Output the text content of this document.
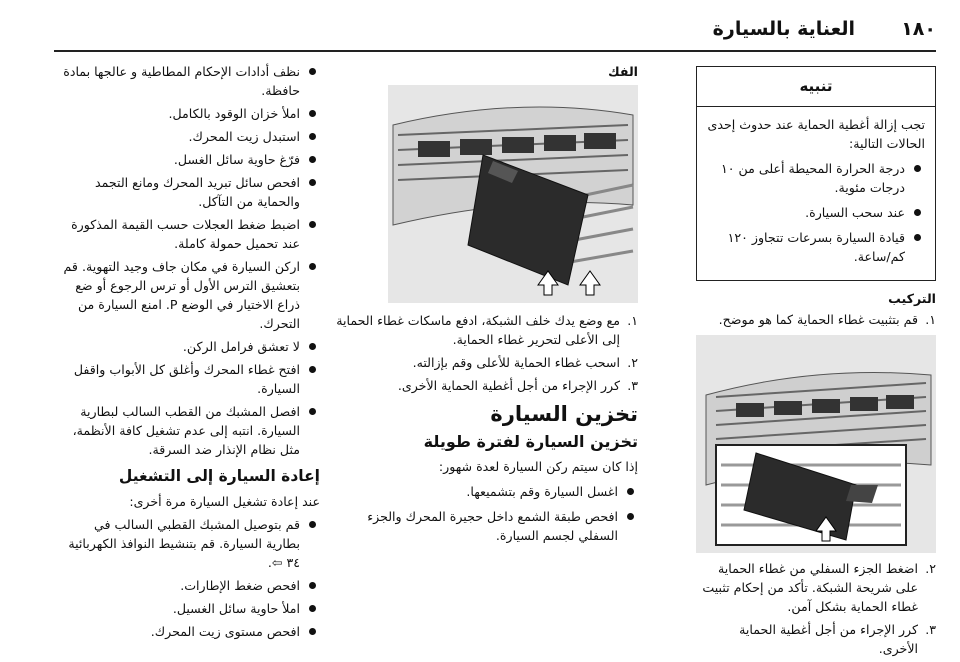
العناية بالسيارة ١٨٠
تنبيه

تجب إزالة أغطية الحماية عند حدوث إحدى الحالات التالية:

درجة الحرارة المحيطة أعلى من ١٠ درجات مئوية.
عند سحب السيارة.
قيادة السيارة بسرعات تتجاوز ١٢٠ كم/ساعة.
التركيب
١.
قم بتثبيت غطاء الحماية كما هو موضح.
٢.
اضغط الجزء السفلي من غطاء الحماية على شريحة الشبكة. تأكد من إحكام تثبيت غطاء الحماية بشكل آمن.
٣.
كرر الإجراء من أجل أغطية الحماية الأخرى.
الفك
١.
مع وضع يدك خلف الشبكة، ادفع ماسكات غطاء الحماية إلى الأعلى لتحرير غطاء الحماية.
٢.
اسحب غطاء الحماية للأعلى وقم بإزالته.
٣.
كرر الإجراء من أجل أغطية الحماية الأخرى.
تخزين السيارة
تخزين السيارة لفترة طويلة

إذا كان سيتم ركن السيارة لعدة شهور:

اغسل السيارة وقم بتشميعها.
افحص طبقة الشمع داخل حجيرة المحرك والجزء السفلي لجسم السيارة.
نظف أدادات الإحكام المطاطية و عالجها بمادة حافظة.
املأ خزان الوقود بالكامل.
استبدل زيت المحرك.
فرّغ حاوية سائل الغسل.
افحص سائل تبريد المحرك ومانع التجمد والحماية من التآكل.
اضبط ضغط العجلات حسب القيمة المذكورة عند تحميل حمولة كاملة.
اركن السيارة في مكان جاف وجيد التهوية. قم بتعشيق الترس الأول أو ترس الرجوع أو ضع ذراع الاختيار في الوضع P. امنع السيارة من التحرك.
لا تعشق فرامل الركن.
افتح غطاء المحرك وأغلق كل الأبواب واقفل السيارة.
افصل المشبك من القطب السالب لبطارية السيارة. انتبه إلى عدم تشغيل كافة الأنظمة، مثل نظام الإنذار ضد السرقة.
إعادة السيارة إلى التشغيل

عند إعادة تشغيل السيارة مرة أخرى:

قم بتوصيل المشبك القطبي السالب في بطارية السيارة. قم بتنشيط النوافذ الكهربائية ٣٤ ⇦.
افحص ضغط الإطارات.
املأ حاوية سائل الغسيل.
افحص مستوى زيت المحرك.
